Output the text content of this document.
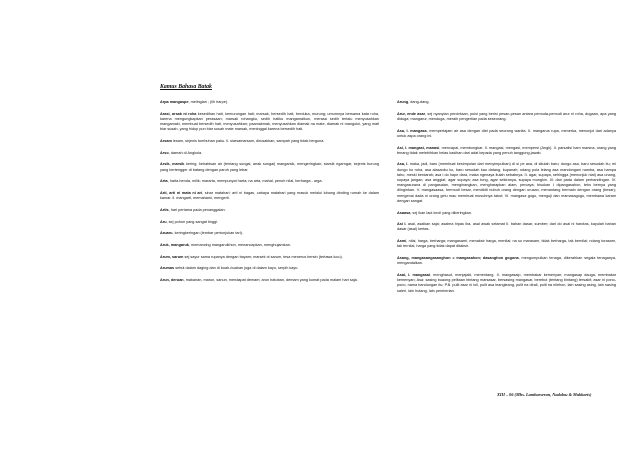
Kamus Bahasa Batak

Arpa mangaspe, melinglan ; (lih harpe).

Arasi, arsak ni roha kesedihan hati, kemurungan hati; marsak, bersedih hati, berduka, murung; umumnya bersama kata roha, karena mengungkapkan perasaan; marsak rohangku, sedih hatiku mangamalkon, merasa sedih terlalu menyusahkan mangamaki, membuat bersedih hati, menyusahkan; paamakmak, menyusahkan diamak na mate, diamak ni mangoloi, yang mati biar susah, yang hidup pun biar susah mate marsak, meninggal karena bersedih hati.

Arsam lesam, sejenis tumbuhan paku. ll. siarsamarsam, dirusakkan, sampah yang tidak berguna.

Arso, daerah di Angkola.

Arsik, marsik kering, kehabisan air (tentang sungai, anak sungai) mangarsik, mengeringkan; siarsik ngarngar, sejenis burung yang bertengger di batang dengan paruh yang lebar.

Arta, harta benda, milik; mararta, mempunyai harta; na arta, mahal, penuh nilai, berharga - arga.

Arti, arti ni mata ni ari, sinar matahari; arti ni bagas, cahaya matahari yang masuk melalui lobang dinding rumah ke dalam kamar. ll. mangarti, memahami, mengerti.

Artis, hari pertama pada penanggalan.

Aru, sej pohon yang sangat tinggi.

Aruaru, keringkeringan (lembar pertunjukan tari).

Aruk, mangaruk, memancing mangaruikhon, menancapkan, menghujamkan.

Arum, sarum sej sayur sama rupanya dengan bayam; marsek ni sarum, tesa menerus bersin (tertawa lucu).

Arumas sebut dalam daging dan di buah-buahan juga di dalam kayu, serpih kayu.

Arun, deruan, makanan, marun, sanun, mendapat demam; arun hatoban, demam yang kumat pada malam hari saja.

Arung, dang-dang.

Arur, ende asar, sej nyanyian percintaan, puisi yang berisi pesan-pesan antara pemuda-pemudi arur ni roha, dugaan, apa yang diduga; mangarur, menduga, meraih pengertian pada seseorang.

Asa, I. mangasa, mempertajam air asa dengan diet pada seorang wanita. II. mangarus rupa, menerka, menonjol dari adanya untuk aspa orang ini.

Asi, I. mangasi, manasi, mencapai, membongkar. II. mangasi, mengasi, mempersi (Angk). II. parsalisi ham marsna, orang yang tenang tidak melebihkan belas kasihan dari adat kepada yang penuh tanggung jawab.

Asa, I. maka, jadi, baru (membuat kesimpulan dari menyimpulkan) di si pe asa, di situlah baru; dungo asa, baru sesudah itu; mi dungo ko roha, asa alasanku ko, baru sesudah kau datang, kupanah; ndang pola lelang asa mandongani namba, asa hampa tahu, meski berdarah; asa i do hape dara, maka ngenaya itulah sebabnya. II. agar, supaya, sehingga (menunjuk niat) asa unang, supaya jangan; asa anggiat, agar supaya; asa tung, agar sekiranya, supaya mungkin. III. dan pada dalam perbandingan. IV. mangasurana di pangasaian, menginangkan, mengharapkan alam, percaya; bisukan I dipangasahon, teks bernya yang diinginkan. V. mangasaasa, bermudi besar, mendidit nubuh orang dengan urusan, menantang bermain dengan orang (besar); mengenai dada ni orang gelu mau membuat musuhnya takut; VI. mangasa gogo, menguji dan mamasagogo, membawa karam dengan sangat.

Asaasa, sej ikan laut kecil yang dikeringkan.

Asi I. asal, asalkan saja; asalma hipas iba, asal awak selamat II. bahan dasar, sumber; dari do asal ni harotas, kayulah bahan dasar (asal) kertas.

Asmi, nilai, harga, berharga; mangasami, menaksir harga, menilai; na so marasam, tidak berharga, tak bernilai; ndang torasam, tak ternilai, harga yang tidak dapat ditaksir.

Asang, mangasangasanghon = mangasahon; dasanghon gogona, mengumpulkan tenaga, dikerahkan segala tenaganya, mengandalkan.

Asai, I. mangasai, menghasut, menjajaki, menentang. II. mangasaip, membakar kemenyan; mangasap dauga, membakar kemenyan; Asa: sasing buaong pelitaan bintang marsasar, bersasing mangasar, berebut (tentang bintang) tersakit; asar ni pono-pono, nama bandungan itu; P.B. pulit asar ni loli, pulit asa leangleang, pulit na dirali, pulit na nilehon, lain sasing asing, lain sasing saleri, lain hutang, lain pemberian.

XIII – 06 (Mhs. Lamharseran, Nadalou & Makkaris)
